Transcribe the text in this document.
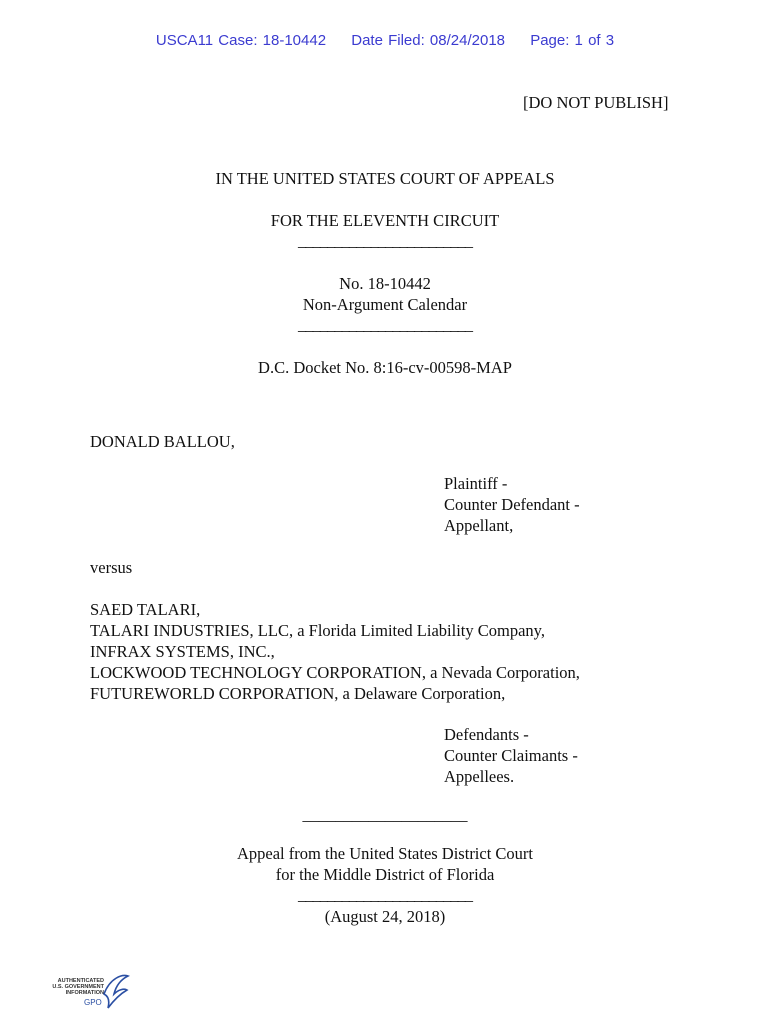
USCA11 Case: 18-10442 Date Filed: 08/24/2018 Page: 1 of 3
[DO NOT PUBLISH]
IN THE UNITED STATES COURT OF APPEALS
FOR THE ELEVENTH CIRCUIT
________________________
No. 18-10442
Non-Argument Calendar
________________________
D.C. Docket No. 8:16-cv-00598-MAP
DONALD BALLOU,
Plaintiff -
Counter Defendant -
Appellant,
versus
SAED TALARI,
TALARI INDUSTRIES, LLC, a Florida Limited Liability Company,
INFRAX SYSTEMS, INC.,
LOCKWOOD TECHNOLOGY CORPORATION, a Nevada Corporation,
FUTUREWORLD CORPORATION, a Delaware Corporation,
Defendants -
Counter Claimants -
Appellees.
____________________
Appeal from the United States District Court
for the Middle District of Florida
________________________
(August 24, 2018)
AUTHENTICATED
U.S. GOVERNMENT
INFORMATION
GPO
